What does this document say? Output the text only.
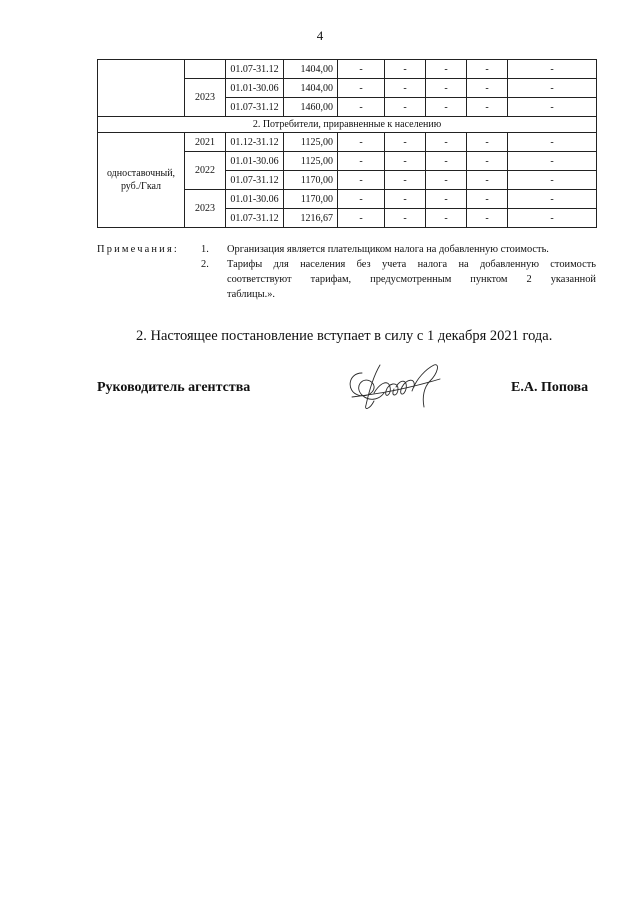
4
		01.07-31.12	1404,00	-	-	-	-	-
	2023	01.01-30.06	1404,00	-	-	-	-	-
		01.07-31.12	1460,00	-	-	-	-	-
2. Потребители, приравненные к населению								
одноставочный, руб./Гкал	2021	01.12-31.12	1125,00	-	-	-	-	-
	2022	01.01-30.06	1125,00	-	-	-	-	-
		01.07-31.12	1170,00	-	-	-	-	-
	2023	01.01-30.06	1170,00	-	-	-	-	-
		01.07-31.12	1216,67	-	-	-	-	-
Примечания: 1. Организация является плательщиком налога на добавленную стоимость.
2. Тарифы для населения без учета налога на добавленную стоимость
соответствуют тарифам, предусмотренным пунктом 2 указанной
таблицы.».
2. Настоящее постановление вступает в силу с 1 декабря 2021 года.
Руководитель агентства	Е.А. Попова
